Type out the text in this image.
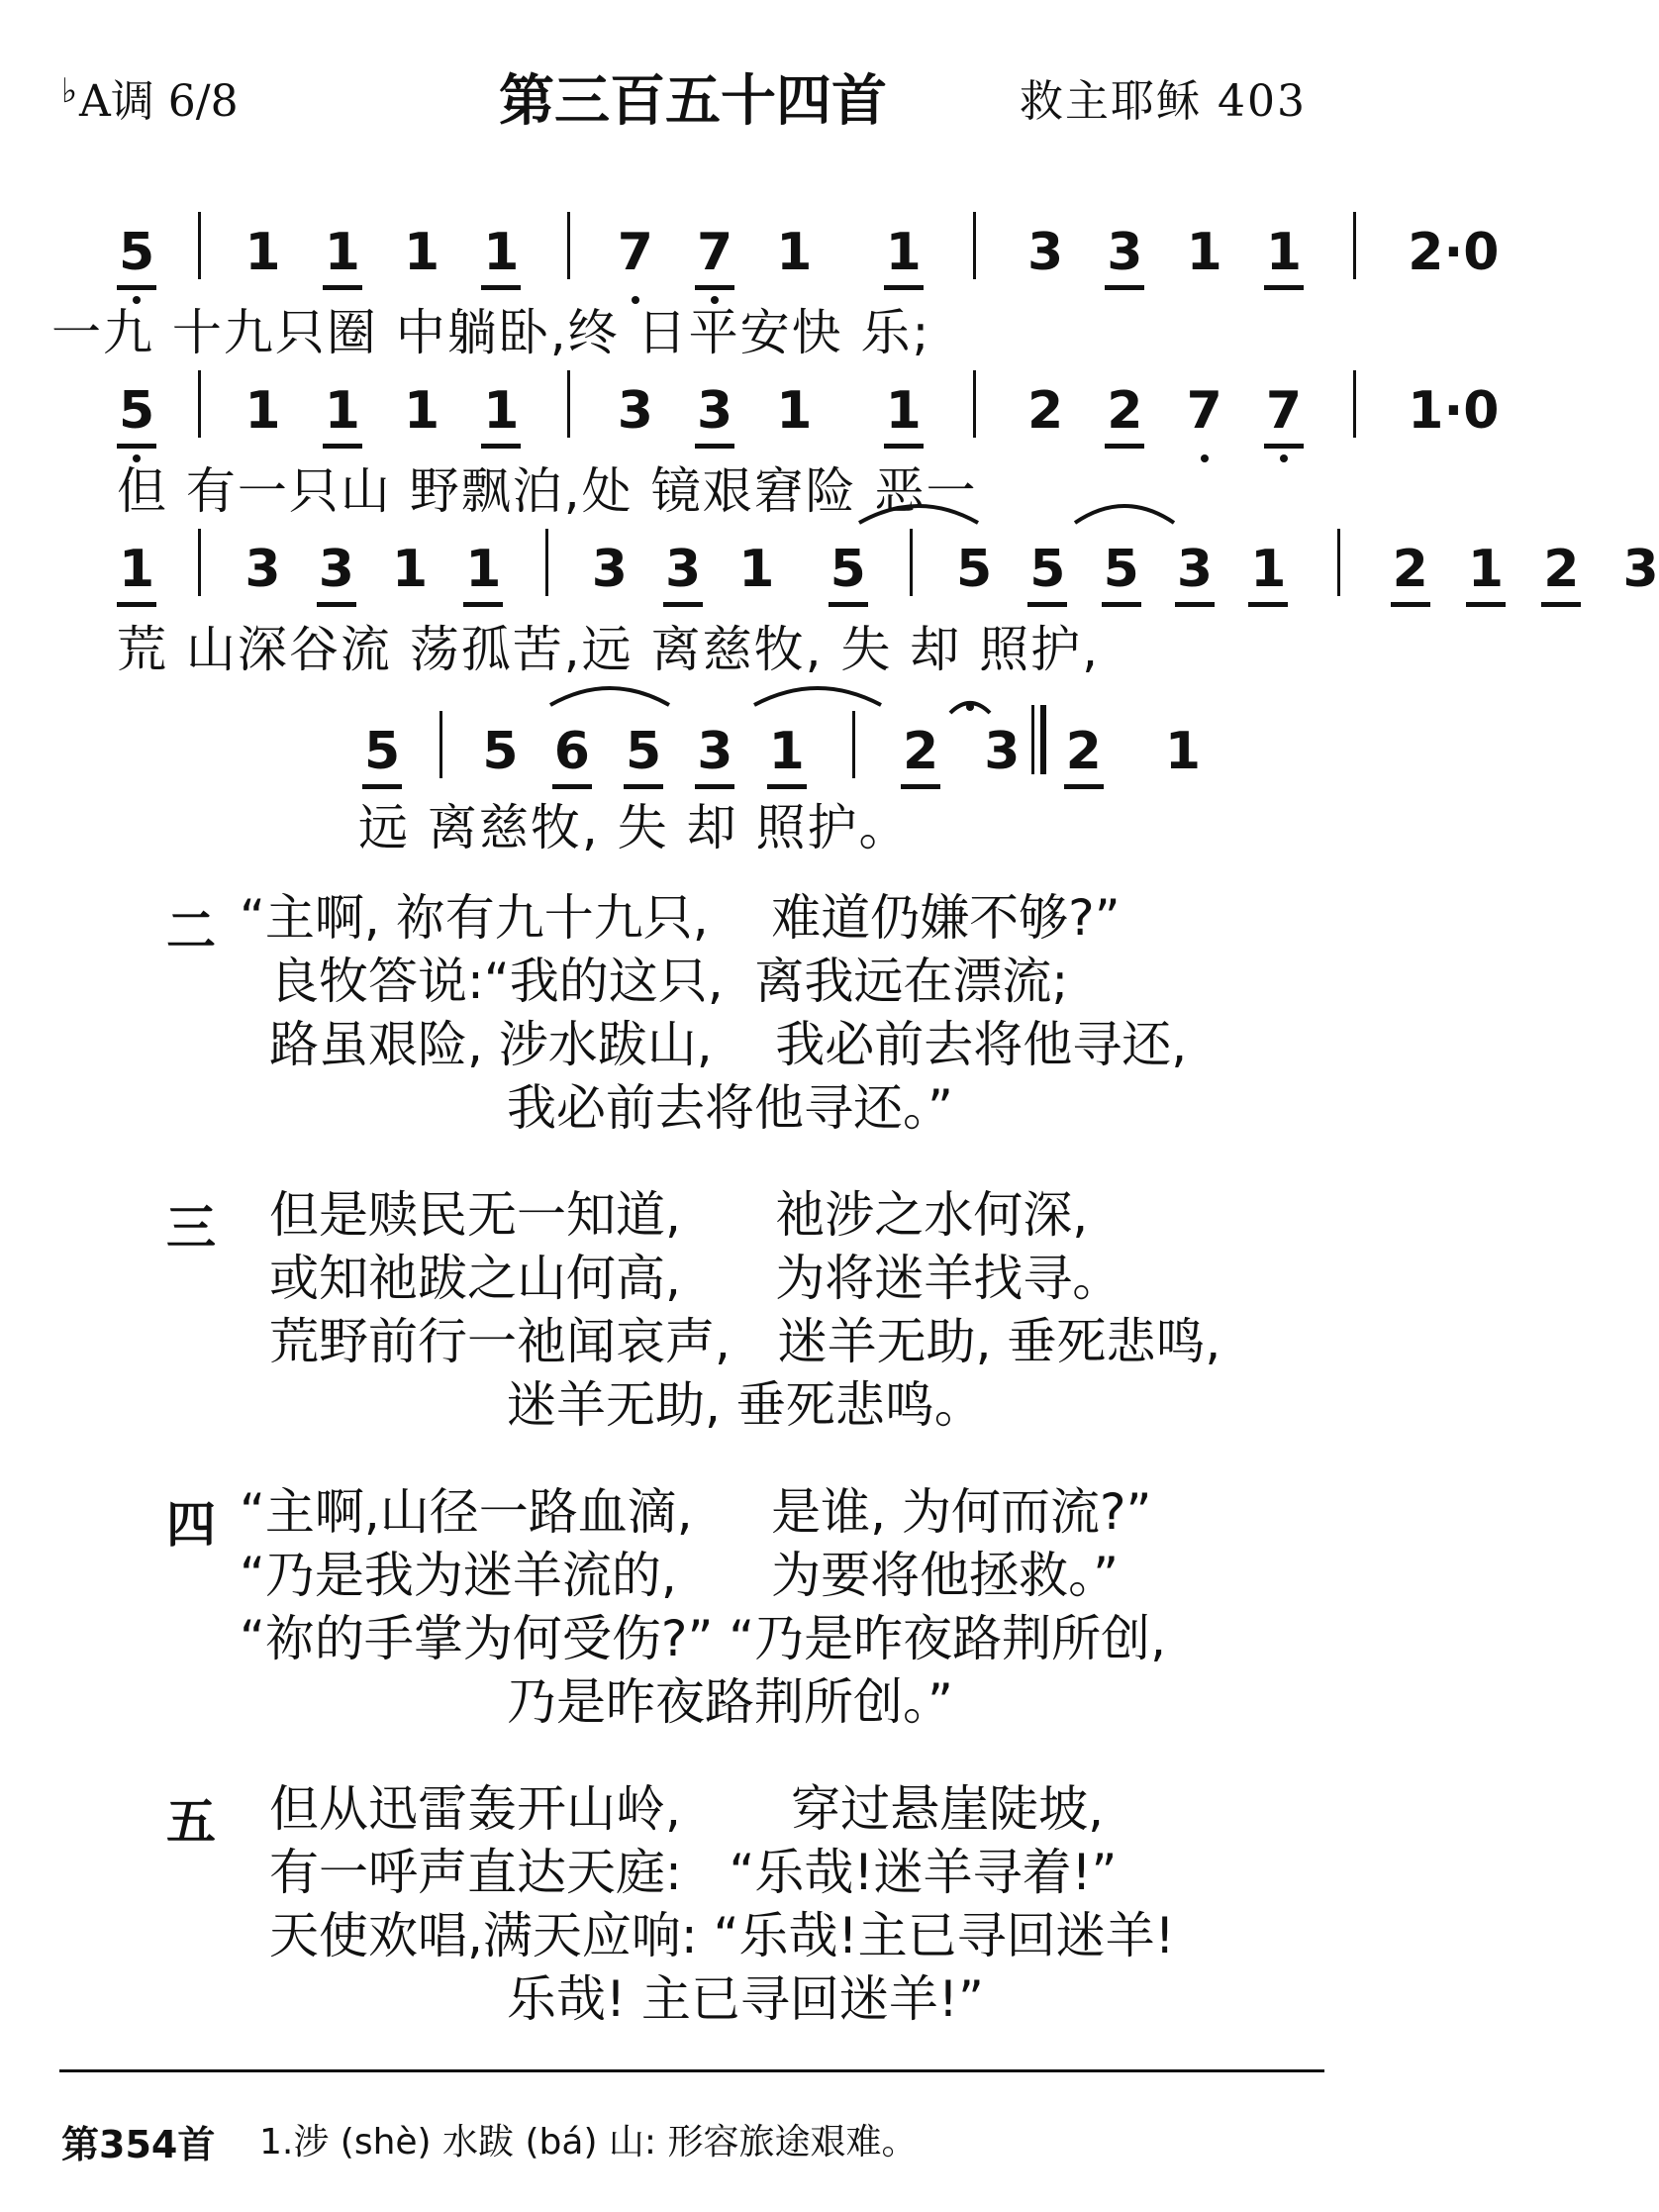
♭A调 6/8	第三百五十四首	救主耶稣 403
5 1 1 1 1 7 7 1 1 3 3 1 1 2·0
一九 十九只圈 中躺卧,终 日平安快 乐;
5 1 1 1 1 3 3 1 1 2 2 7 7 1·0
但 有一只山 野飘泊,处 镜艰窘险 恶一
1 3 3 1 1 3 3 1 5 5 5 5 3 1 2 1 2 3
荒 山深谷流 荡孤苦,远 离慈牧, 失 却 照护,
5 5 6 5 3 1 2 3 2 1
远 离慈牧, 失 却 照护。
二 “主啊, 祢有九十九只,    难道仍嫌不够?”
良牧答说:“我的这只,  离我远在漂流;
路虽艰险, 涉水跋山,    我必前去将他寻还,
我必前去将他寻还。”
三 但是赎民无一知道,      祂涉之水何深,
或知祂跋之山何高,      为将迷羊找寻。
荒野前行一祂闻哀声,   迷羊无助, 垂死悲鸣,
迷羊无助, 垂死悲鸣。
四 “主啊,山径一路血滴,     是谁, 为何而流?”
“乃是我为迷羊流的,      为要将他拯救。”
“祢的手掌为何受伤?” “乃是昨夜路荆所创,
乃是昨夜路荆所创。”
五 但从迅雷轰开山岭,       穿过悬崖陡坡,
有一呼声直达天庭:   “乐哉!迷羊寻着!”
天使欢唱,满天应响: “乐哉!主已寻回迷羊!
乐哉! 主已寻回迷羊!”
第354首 1.涉 (shè) 水跋 (bá) 山: 形容旅途艰难。
